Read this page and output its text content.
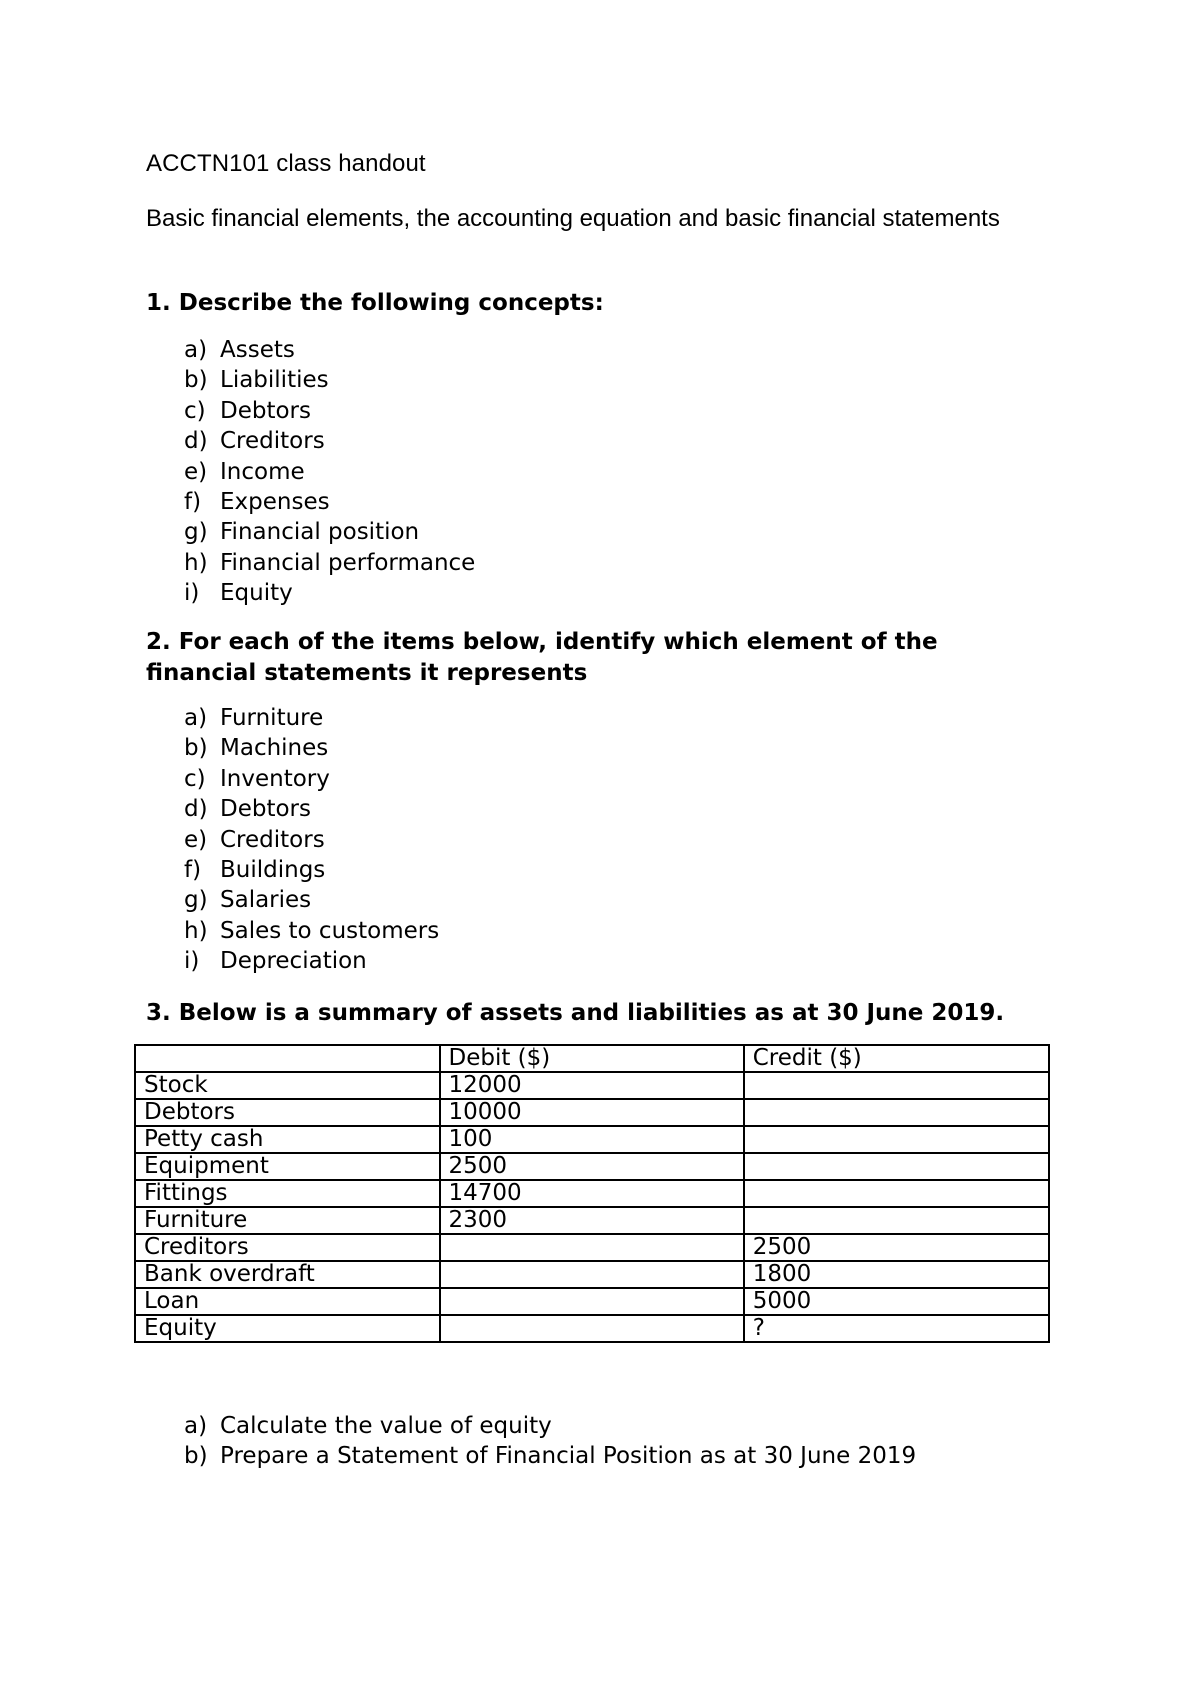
ACCTN101 class handout
Basic financial elements, the accounting equation and basic financial statements

1. Describe the following concepts:

a) Assets
b) Liabilities
c) Debtors
d) Creditors
e) Income
f) Expenses
g) Financial position
h) Financial performance
i) Equity

2. For each of the items below, identify which element of the financial statements it represents

a) Furniture
b) Machines
c) Inventory
d) Debtors
e) Creditors
f) Buildings
g) Salaries
h) Sales to customers
i) Depreciation

3. Below is a summary of assets and liabilities as at 30 June 2019.

	Debit ($)	Credit ($)
Stock	12000	
Debtors	10000	
Petty cash	100	
Equipment	2500	
Fittings	14700	
Furniture	2300	
Creditors		2500
Bank overdraft		1800
Loan		5000
Equity		?
a) Calculate the value of equity
b) Prepare a Statement of Financial Position as at 30 June 2019
